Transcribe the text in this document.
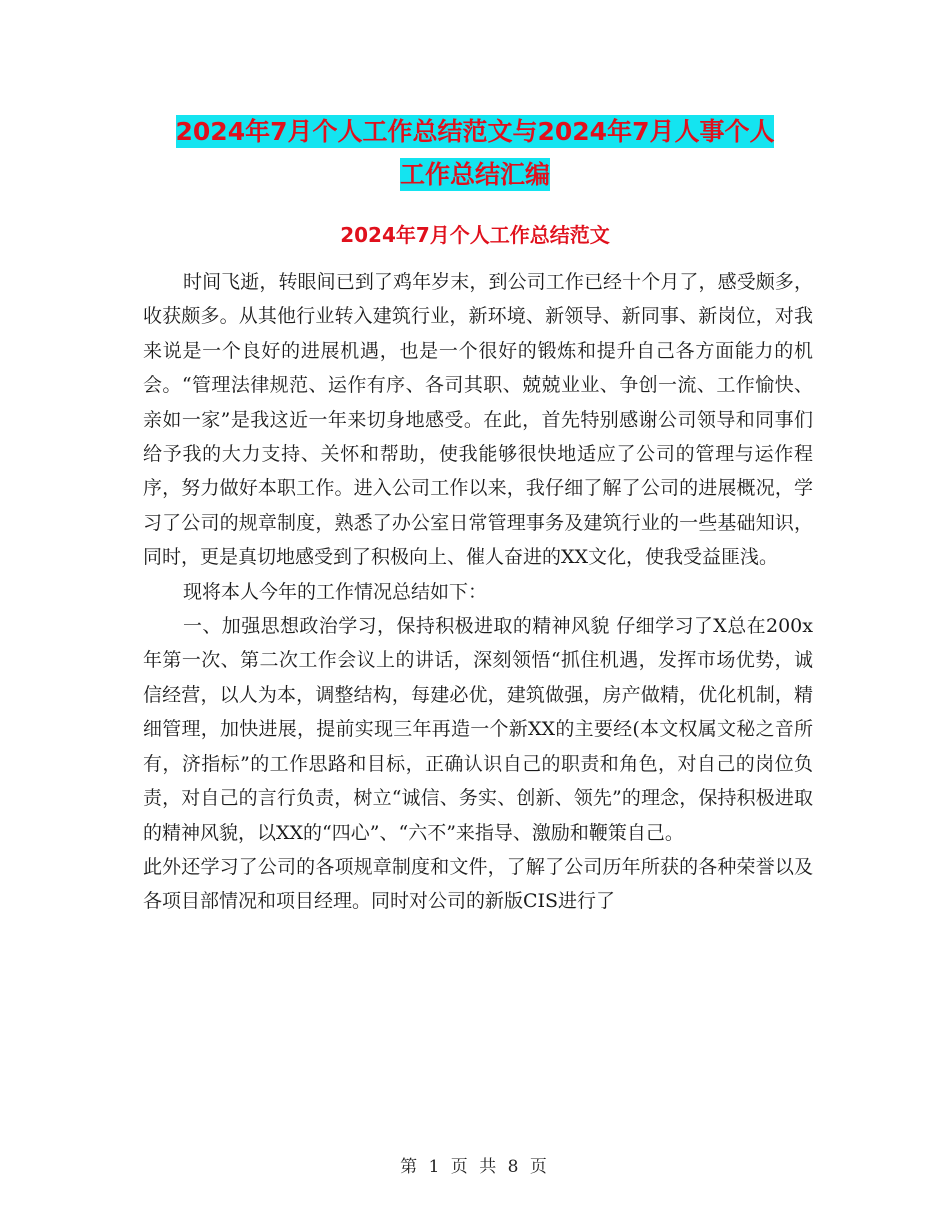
2024年7月个人工作总结范文与2024年7月人事个人
工作总结汇编
2024年7月个人工作总结范文

时间飞逝，转眼间已到了鸡年岁末，到公司工作已经十个月了，感受颇多，收获颇多。从其他行业转入建筑行业，新环境、新领导、新同事、新岗位，对我来说是一个良好的进展机遇，也是一个很好的锻炼和提升自己各方面能力的机会。“管理法律规范、运作有序、各司其职、兢兢业业、争创一流、工作愉快、亲如一家”是我这近一年来切身地感受。在此，首先特别感谢公司领导和同事们给予我的大力支持、关怀和帮助，使我能够很快地适应了公司的管理与运作程序，努力做好本职工作。进入公司工作以来，我仔细了解了公司的进展概况，学习了公司的规章制度，熟悉了办公室日常管理事务及建筑行业的一些基础知识，同时，更是真切地感受到了积极向上、催人奋进的XX文化，使我受益匪浅。

现将本人今年的工作情况总结如下：

一、加强思想政治学习，保持积极进取的精神风貌 仔细学习了X总在200x年第一次、第二次工作会议上的讲话，深刻领悟“抓住机遇，发挥市场优势，诚信经营，以人为本，调整结构，每建必优，建筑做强，房产做精，优化机制，精细管理，加快进展，提前实现三年再造一个新XX的主要经(本文权属文秘之音所有，济指标”的工作思路和目标，正确认识自己的职责和角色，对自己的岗位负责，对自己的言行负责，树立“诚信、务实、创新、领先”的理念，保持积极进取的精神风貌，以XX的“四心”、“六不”来指导、激励和鞭策自己。

此外还学习了公司的各项规章制度和文件，了解了公司历年所获的各种荣誉以及各项目部情况和项目经理。同时对公司的新版CIS进行了

第 1 页 共 8 页
